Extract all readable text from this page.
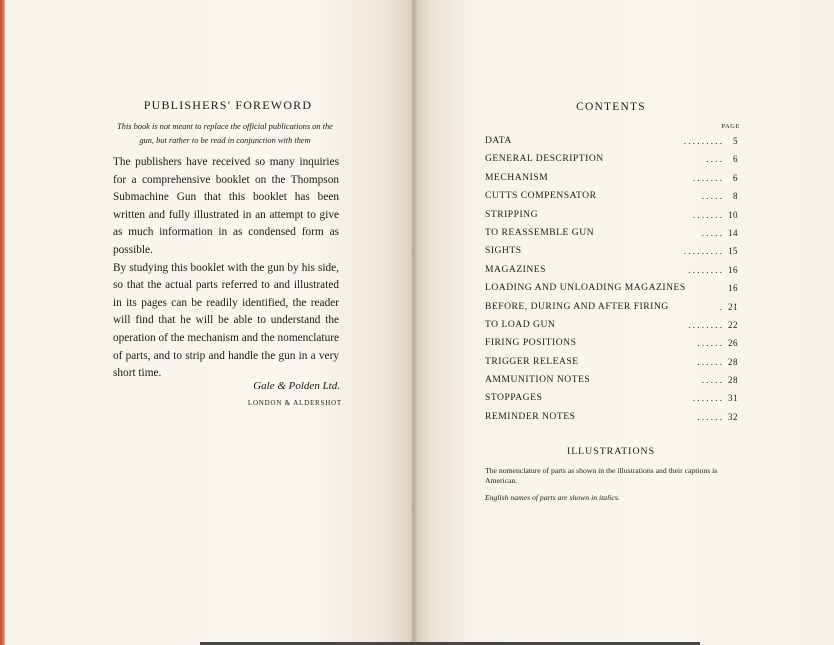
PUBLISHERS' FOREWORD
This book is not meant to replace the official publications on the gun, but rather to be read in conjunction with them

The publishers have received so many inquiries for a comprehensive booklet on the Thompson Submachine Gun that this booklet has been written and fully illustrated in an attempt to give as much information in as condensed form as possible.

By studying this booklet with the gun by his side, so that the actual parts referred to and illustrated in its pages can be readily identified, the reader will find that he will be able to understand the operation of the mechanism and the nomenclature of parts, and to strip and handle the gun in a very short time.

Gale & Polden Ltd.
LONDON & ALDERSHOT
CONTENTS
PAGE
DATA	. . . . . . . . . 5
GENERAL DESCRIPTION	. . . . 6
MECHANISM	. . . . . . . 6
CUTTS COMPENSATOR	. . . . . 8
STRIPPING	. . . . . . . 10
TO REASSEMBLE GUN	. . . . . 14
SIGHTS	. . . . . . . . . 15
MAGAZINES	. . . . . . . . 16
LOADING AND UNLOADING MAGAZINES	16
BEFORE, DURING AND AFTER FIRING	. 21
TO LOAD GUN	. . . . . . . . 22
FIRING POSITIONS	. . . . . . 26
TRIGGER RELEASE	. . . . . . 28
AMMUNITION NOTES	. . . . . 28
STOPPAGES	. . . . . . . 31
REMINDER NOTES	. . . . . . 32
ILLUSTRATIONS
The nomenclature of parts as shown in the illustrations and their captions is American.
English names of parts are shown in italics.
